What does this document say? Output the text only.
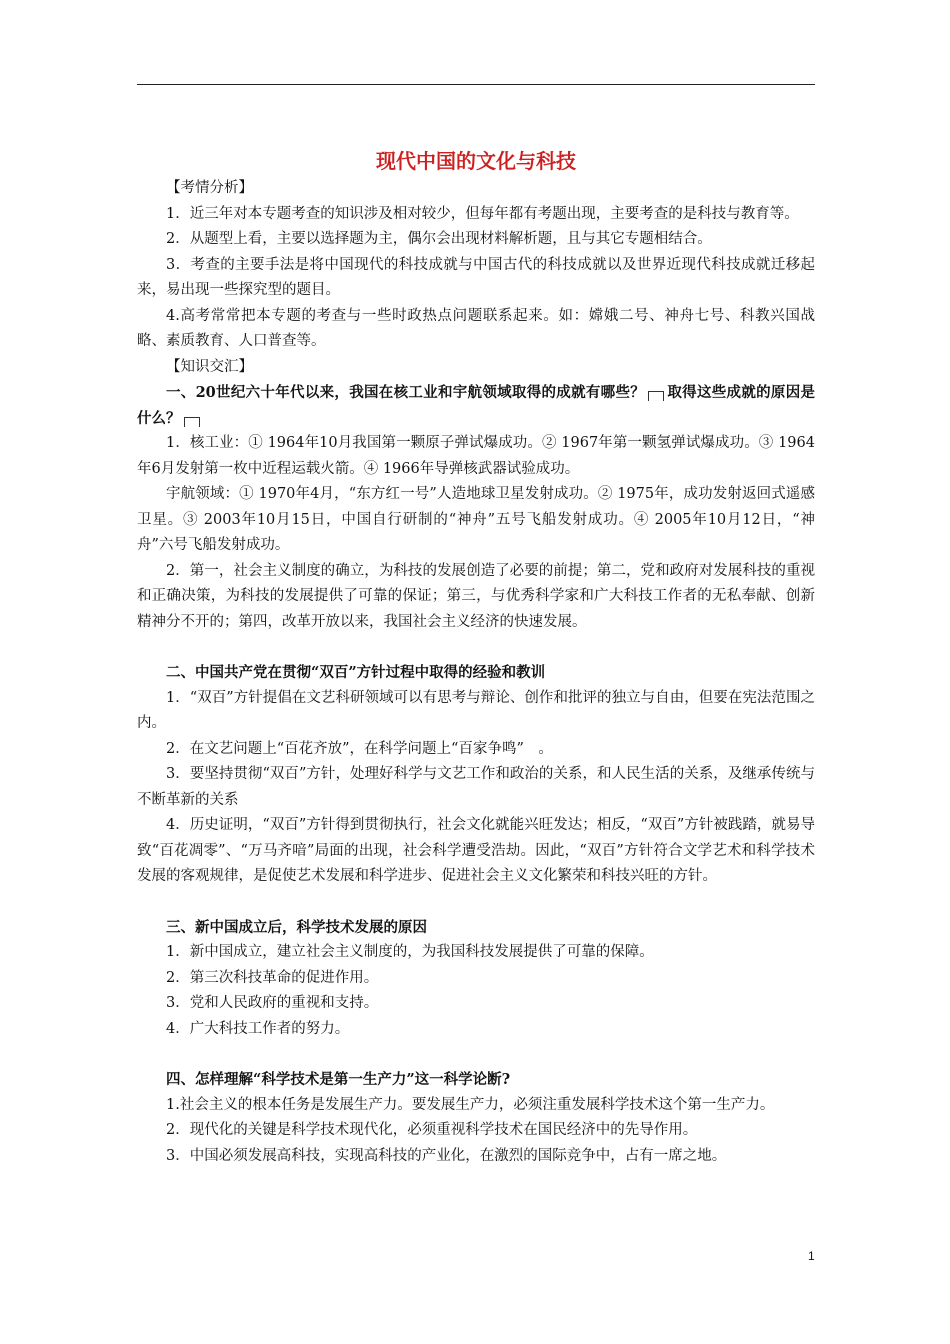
现代中国的文化与科技

【考情分析】

1．近三年对本专题考查的知识涉及相对较少，但每年都有考题出现，主要考查的是科技与教育等。

2．从题型上看，主要以选择题为主，偶尔会出现材料解析题，且与其它专题相结合。

3．考查的主要手法是将中国现代的科技成就与中国古代的科技成就以及世界近现代科技成就迁移起来，易出现一些探究型的题目。

4.高考常常把本专题的考查与一些时政热点问题联系起来。如：嫦娥二号、神舟七号、科教兴国战略、素质教育、人口普查等。

【知识交汇】

一、20世纪六十年代以来，我国在核工业和宇航领域取得的成就有哪些？ 取得这些成就的原因是什么？

1．核工业：① 1964年10月我国第一颗原子弹试爆成功。② 1967年第一颗氢弹试爆成功。③ 1964年6月发射第一枚中近程运载火箭。④ 1966年导弹核武器试验成功。

宇航领域：① 1970年4月，“东方红一号”人造地球卫星发射成功。② 1975年，成功发射返回式遥感卫星。③ 2003年10月15日，中国自行研制的“神舟”五号飞船发射成功。④ 2005年10月12日，“神舟”六号飞船发射成功。

2．第一，社会主义制度的确立，为科技的发展创造了必要的前提；第二，党和政府对发展科技的重视和正确决策，为科技的发展提供了可靠的保证；第三，与优秀科学家和广大科技工作者的无私奉献、创新精神分不开的；第四，改革开放以来，我国社会主义经济的快速发展。

二、中国共产党在贯彻“双百”方针过程中取得的经验和教训

1．“双百”方针提倡在文艺科研领域可以有思考与辩论、创作和批评的独立与自由，但要在宪法范围之内。

2．在文艺问题上“百花齐放”，在科学问题上“百家争鸣”　。

3．要坚持贯彻“双百”方针，处理好科学与文艺工作和政治的关系，和人民生活的关系，及继承传统与不断革新的关系

4．历史证明，“双百”方针得到贯彻执行，社会文化就能兴旺发达；相反，“双百”方针被践踏，就易导致“百花凋零”、“万马齐喑”局面的出现，社会科学遭受浩劫。因此，“双百”方针符合文学艺术和科学技术发展的客观规律，是促使艺术发展和科学进步、促进社会主义文化繁荣和科技兴旺的方针。

三、新中国成立后，科学技术发展的原因

1．新中国成立，建立社会主义制度的，为我国科技发展提供了可靠的保障。

2．第三次科技革命的促进作用。

3．党和人民政府的重视和支持。

4．广大科技工作者的努力。

四、怎样理解“科学技术是第一生产力”这一科学论断?

1.社会主义的根本任务是发展生产力。要发展生产力，必须注重发展科学技术这个第一生产力。

2．现代化的关键是科学技术现代化，必须重视科学技术在国民经济中的先导作用。

3．中国必须发展高科技，实现高科技的产业化，在激烈的国际竞争中，占有一席之地。

1
